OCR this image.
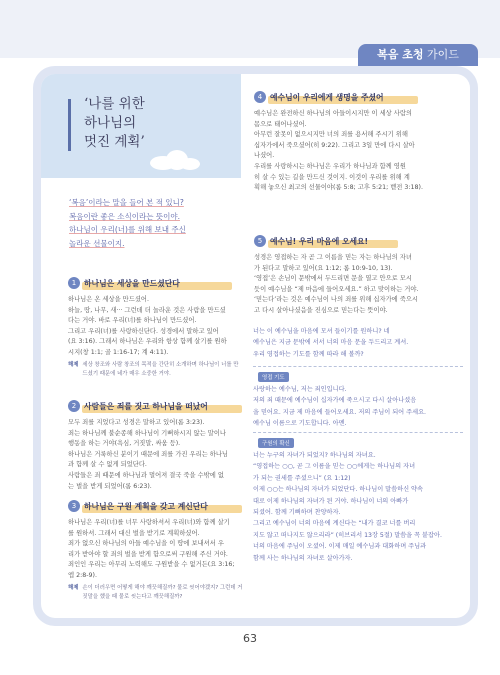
복음 초청 가이드
‘나를 위한
하나님의
멋진 계획’
‘복음’이라는 말을 들어 본 적 있니?
복음이란 좋은 소식이라는 뜻이야.
하나님이 우리(너)를 위해 보내 주신
놀라운 선물이지.
1 하나님은 세상을 만드셨단다
하나님은 온 세상을 만드셨어.
하늘, 땅, 나무, 새··· 그런데 더 놀라운 것은 사람을 만드셨
다는 거야. 바로 우리(너)를 하나님이 만드셨어.
그리고 우리(너)를 사랑하신단다. 성경에서 말하고 있어
(요 3:16). 그래서 하나님은 우리와 항상 함께 살기를 원하
시지(창 1:1; 골 1:16-17; 계 4:11).
해제 세상 창조와 사람 창조의 목적을 간단히 소개하며 하나님이 너를 만드셨기 때문에 네가 매우 소중한 거야.
2 사람들은 죄를 짓고 하나님을 떠났어
모두 죄를 지었다고 성경은 말하고 있어(롬 3:23).
죄는 하나님께 불순종해 하나님이 기뻐하시지 않는 말이나
행동을 하는 거야(욕심, 거짓말, 싸움 등).
하나님은 거룩하신 분이기 때문에 죄를 가진 우리는 하나님
과 함께 살 수 없게 되었단다.
사람들은 죄 때문에 하나님과 멀어져 결국 죽을 수밖에 없
는 벌을 받게 되었어(롬 6:23).
3 하나님은 구원 계획을 갖고 계신단다
하나님은 우리(너)를 너무 사랑하셔서 우리(너)와 함께 살기
를 원하셔. 그래서 대신 벌을 받기로 계획하셨어.
죄가 없으신 하나님의 아들 예수님을 이 땅에 보내셔서 우
리가 받아야 할 죄의 벌을 받게 함으로써 구원해 주신 거야.
죄인인 우리는 아무리 노력해도 구원받을 수 없거든(요 3:16;
엡 2:8-9).
해제 손이 더러우면 어떻게 해야 깨끗해질까? 물로 씻어야겠지? 그런데 거짓말을 했을 때 물로 씻는다고 깨끗해질까?
4 예수님이 우리에게 생명을 주셨어
예수님은 완전하신 하나님의 아들이시지만 이 세상 사람의
몸으로 태어나셨어.
아무런 잘못이 없으시지만 너의 죄를 용서해 주시기 위해
십자가에서 죽으셨어(히 9:22). 그리고 3일 만에 다시 살아
나셨어.
우리를 사랑하시는 하나님은 우리가 하나님과 함께 영원
히 살 수 있는 길을 만드신 것이지. 이것이 우리를 위해 계
획해 놓으신 최고의 선물이야(롬 5:8; 고후 5:21; 벧전 3:18).
5 예수님! 우리 마음에 오세요!
성경은 영접하는 자 곧 그 이름을 믿는 자는 하나님의 자녀
가 된다고 말하고 있어(요 1:12; 롬 10:9-10, 13).
‘영접’은 손님이 문밖에서 두드리면 문을 열고 안으로 모시
듯이 예수님을 “제 마음에 들어오세요.” 하고 맞이하는 거야.
‘믿는다’라는 것은 예수님이 나의 죄를 위해 십자가에 죽으시
고 다시 살아나셨음을 진심으로 믿는다는 뜻이야.
너는 이 예수님을 마음에 모셔 들이기를 원하니? 네
예수님은 지금 문밖에 서서 너의 마음 문을 두드리고 계셔.
우리 영접하는 기도를 함께 따라 해 볼까?
영접 기도
사랑하는 예수님, 저는 죄인입니다.
저의 죄 때문에 예수님이 십자가에 죽으시고 다시 살아나셨음
을 믿어요. 지금 제 마음에 들어오세요. 저의 주님이 되어 주세요.
예수님 이름으로 기도합니다. 아멘.
구원의 확신
너는 누구의 자녀가 되었지? 하나님의 자녀요.
“영접하는 ○○, 곧 그 이름을 믿는 ○○에게는 하나님의 자녀
가 되는 권세를 주셨으니” (요 1:12)
이제 ○○는 하나님의 자녀가 되었단다. 하나님이 말씀하신 약속
대로 이제 하나님의 자녀가 된 거야. 하나님이 너의 아빠가
되셨어. 함께 기뻐하며 찬양하자.
그리고 예수님이 너의 마음에 계신다는 “내가 결코 너를 버리
지도 않고 떠나지도 않으리라” (히브리서 13장 5절) 말씀을 꼭 붙잡아.
너의 마음에 주님이 오셨어. 이제 매일 예수님과 대화하며 주님과
함께 사는 하나님의 자녀로 살아가자.
63
